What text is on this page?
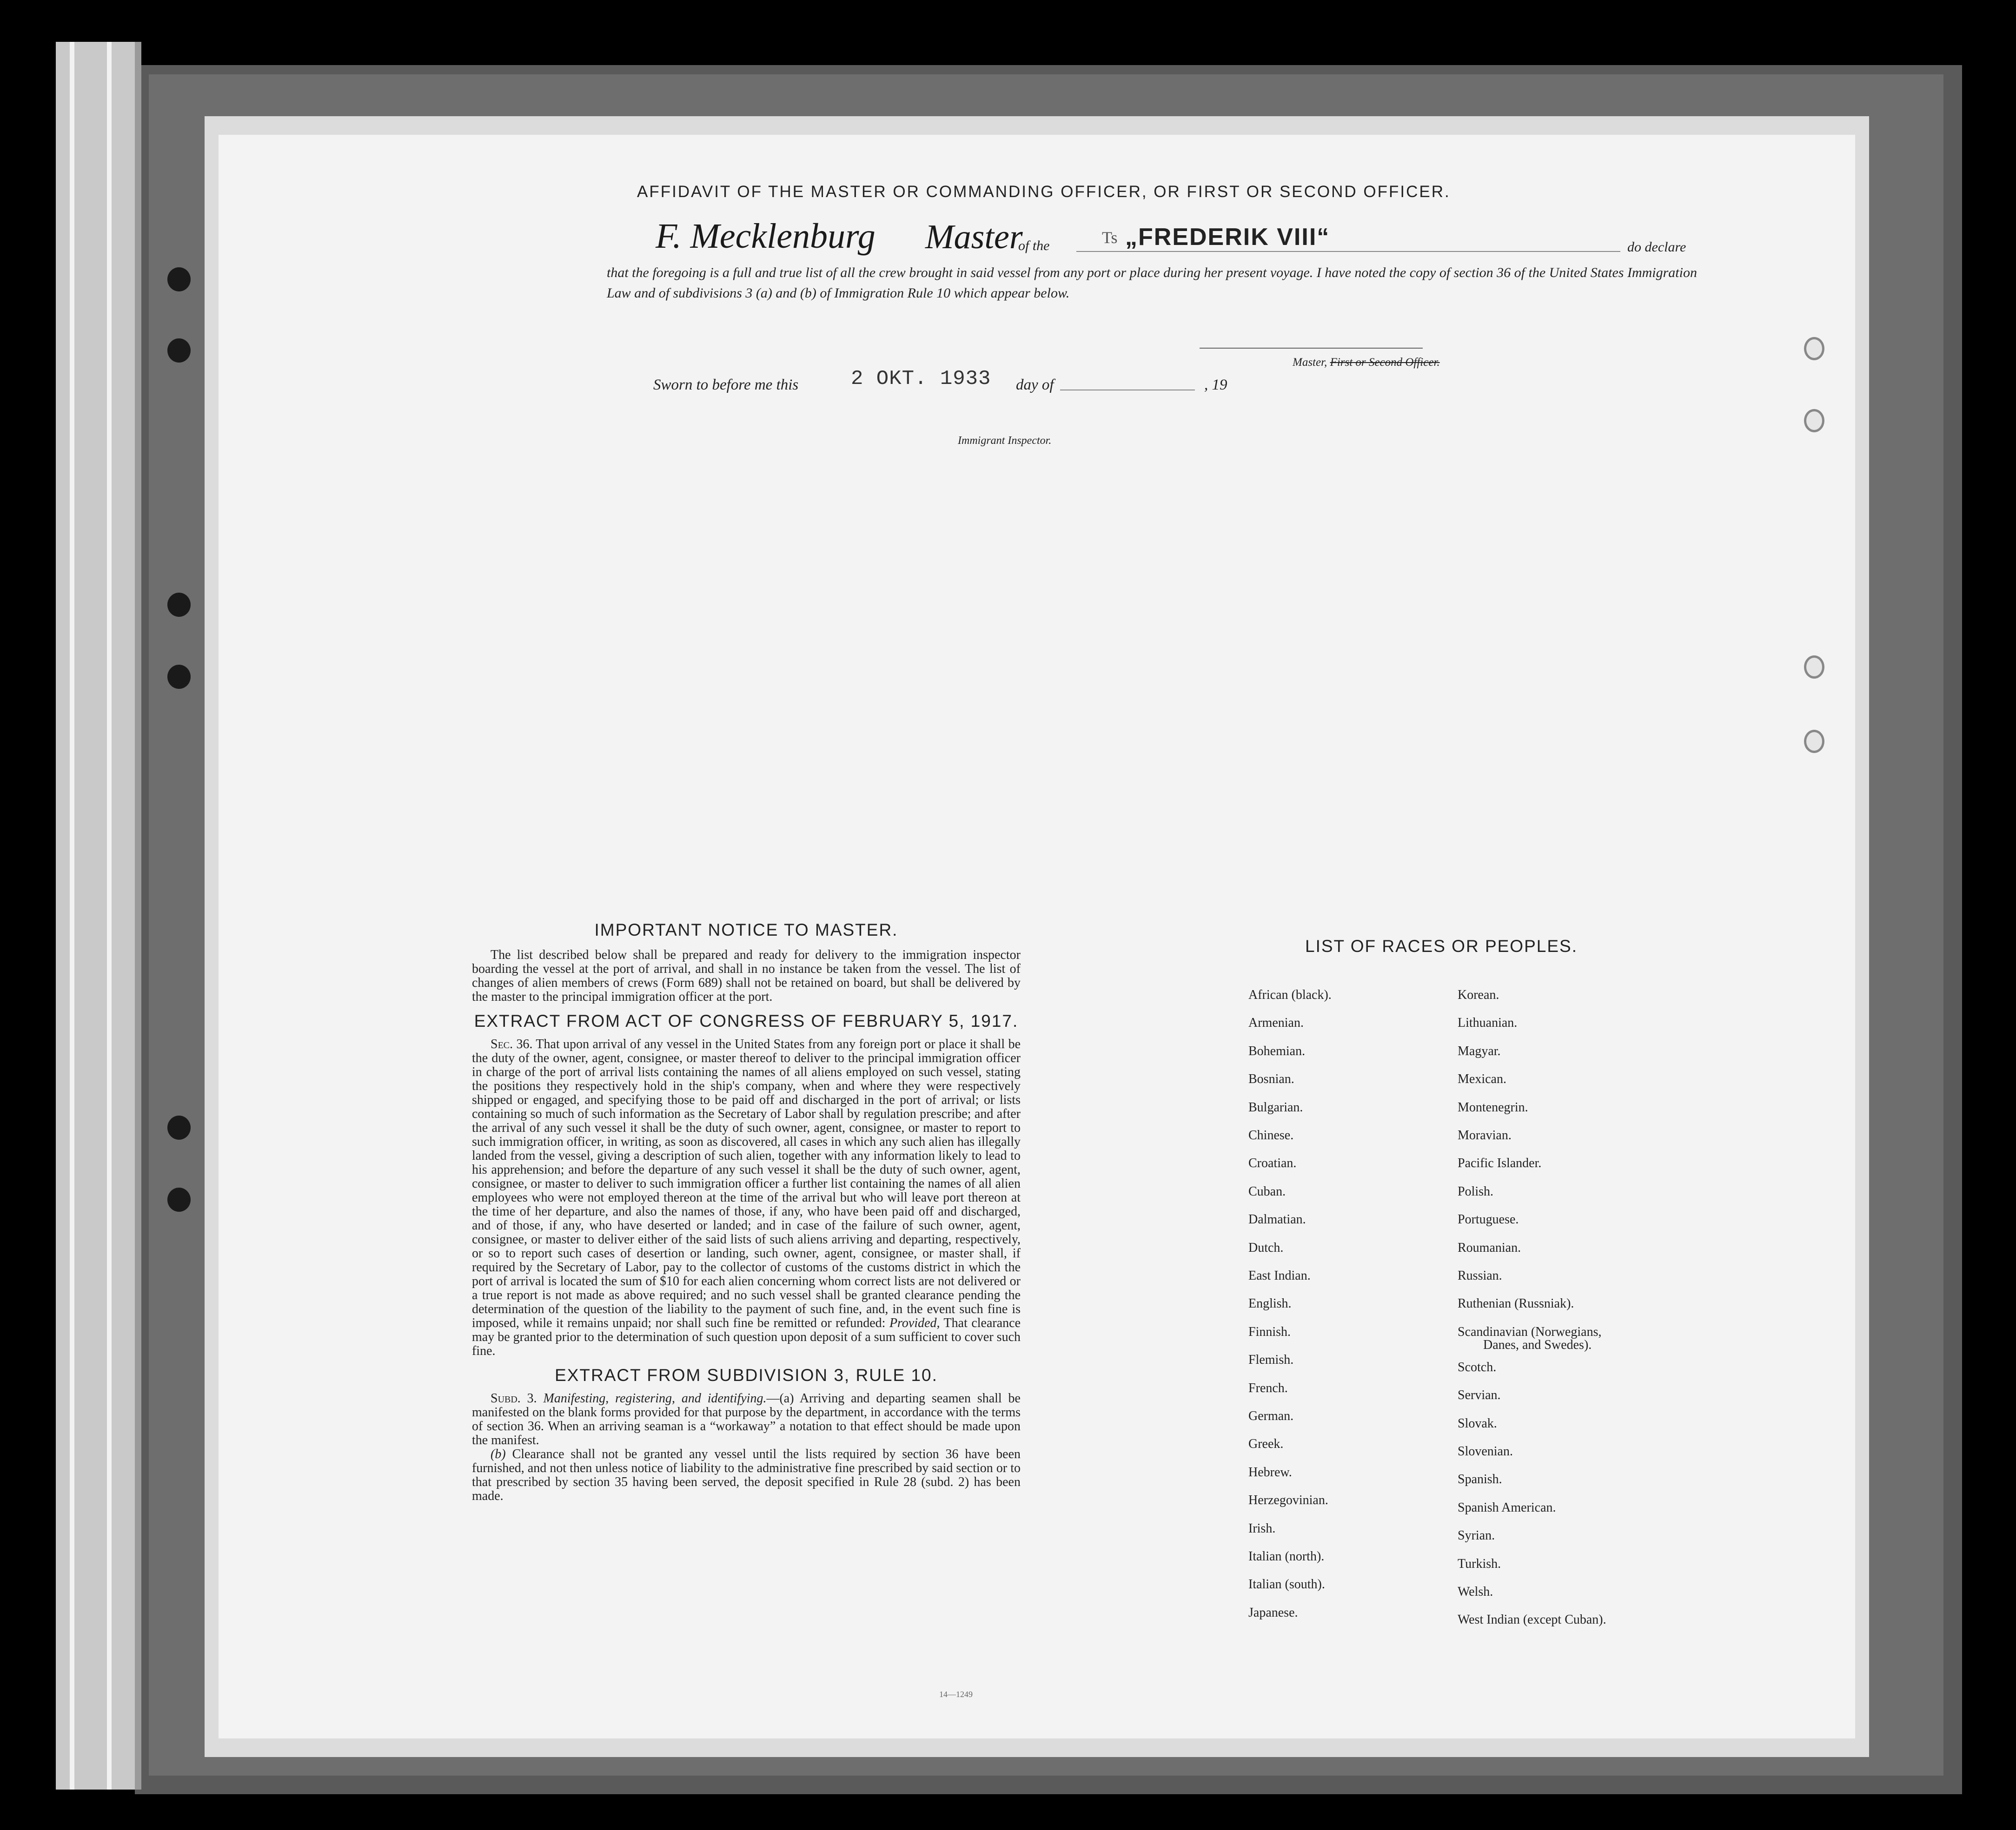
AFFIDAVIT OF THE MASTER OR COMMANDING OFFICER, OR FIRST OR SECOND OFFICER.
F. Mecklenburg Master
of the	Ts „FREDERIK VIII“	do declare
that the foregoing is a full and true list of all the crew brought in said vessel from any port or place during her present voyage. I have noted the copy of section 36 of the United States Immigration Law and of subdivisions 3 (a) and (b) of Immigration Rule 10 which appear below.
Master, First or Second Officer.
Sworn to before me this	2 OKT. 1933 day of	, 19
Immigrant Inspector.
IMPORTANT NOTICE TO MASTER.

The list described below shall be prepared and ready for delivery to the immigration inspector boarding the vessel at the port of arrival, and shall in no instance be taken from the vessel. The list of changes of alien members of crews (Form 689) shall not be retained on board, but shall be delivered by the master to the principal immigration officer at the port.

EXTRACT FROM ACT OF CONGRESS OF FEBRUARY 5, 1917.

Sec. 36. That upon arrival of any vessel in the United States from any foreign port or place it shall be the duty of the owner, agent, consignee, or master thereof to deliver to the principal immigration officer in charge of the port of arrival lists containing the names of all aliens employed on such vessel, stating the positions they respectively hold in the ship's company, when and where they were respectively shipped or engaged, and specifying those to be paid off and discharged in the port of arrival; or lists containing so much of such information as the Secretary of Labor shall by regulation prescribe; and after the arrival of any such vessel it shall be the duty of such owner, agent, consignee, or master to report to such immigration officer, in writing, as soon as discovered, all cases in which any such alien has illegally landed from the vessel, giving a description of such alien, together with any information likely to lead to his apprehension; and before the departure of any such vessel it shall be the duty of such owner, agent, consignee, or master to deliver to such immigration officer a further list containing the names of all alien employees who were not employed thereon at the time of the arrival but who will leave port thereon at the time of her departure, and also the names of those, if any, who have been paid off and discharged, and of those, if any, who have deserted or landed; and in case of the failure of such owner, agent, consignee, or master to deliver either of the said lists of such aliens arriving and departing, respectively, or so to report such cases of desertion or landing, such owner, agent, consignee, or master shall, if required by the Secretary of Labor, pay to the collector of customs of the customs district in which the port of arrival is located the sum of $10 for each alien concerning whom correct lists are not delivered or a true report is not made as above required; and no such vessel shall be granted clearance pending the determination of the question of the liability to the payment of such fine, and, in the event such fine is imposed, while it remains unpaid; nor shall such fine be remitted or refunded: Provided, That clearance may be granted prior to the determination of such question upon deposit of a sum sufficient to cover such fine.

EXTRACT FROM SUBDIVISION 3, RULE 10.

Subd. 3. Manifesting, registering, and identifying.—(a) Arriving and departing seamen shall be manifested on the blank forms provided for that purpose by the department, in accordance with the terms of section 36. When an arriving seaman is a “workaway” a notation to that effect should be made upon the manifest.

(b) Clearance shall not be granted any vessel until the lists required by section 36 have been furnished, and not then unless notice of liability to the administrative fine prescribed by said section or to that prescribed by section 35 having been served, the deposit specified in Rule 28 (subd. 2) has been made.

14—1249
LIST OF RACES OR PEOPLES.
African (black).
Armenian.
Bohemian.
Bosnian.
Bulgarian.
Chinese.
Croatian.
Cuban.
Dalmatian.
Dutch.
East Indian.
English.
Finnish.
Flemish.
French.
German.
Greek.
Hebrew.
Herzegovinian.
Irish.
Italian (north).
Italian (south).
Japanese.
Korean.
Lithuanian.
Magyar.
Mexican.
Montenegrin.
Moravian.
Pacific Islander.
Polish.
Portuguese.
Roumanian.
Russian.
Ruthenian (Russniak).
Scandinavian (Norwegians,
Danes, and Swedes).
Scotch.
Servian.
Slovak.
Slovenian.
Spanish.
Spanish American.
Syrian.
Turkish.
Welsh.
West Indian (except Cuban).
